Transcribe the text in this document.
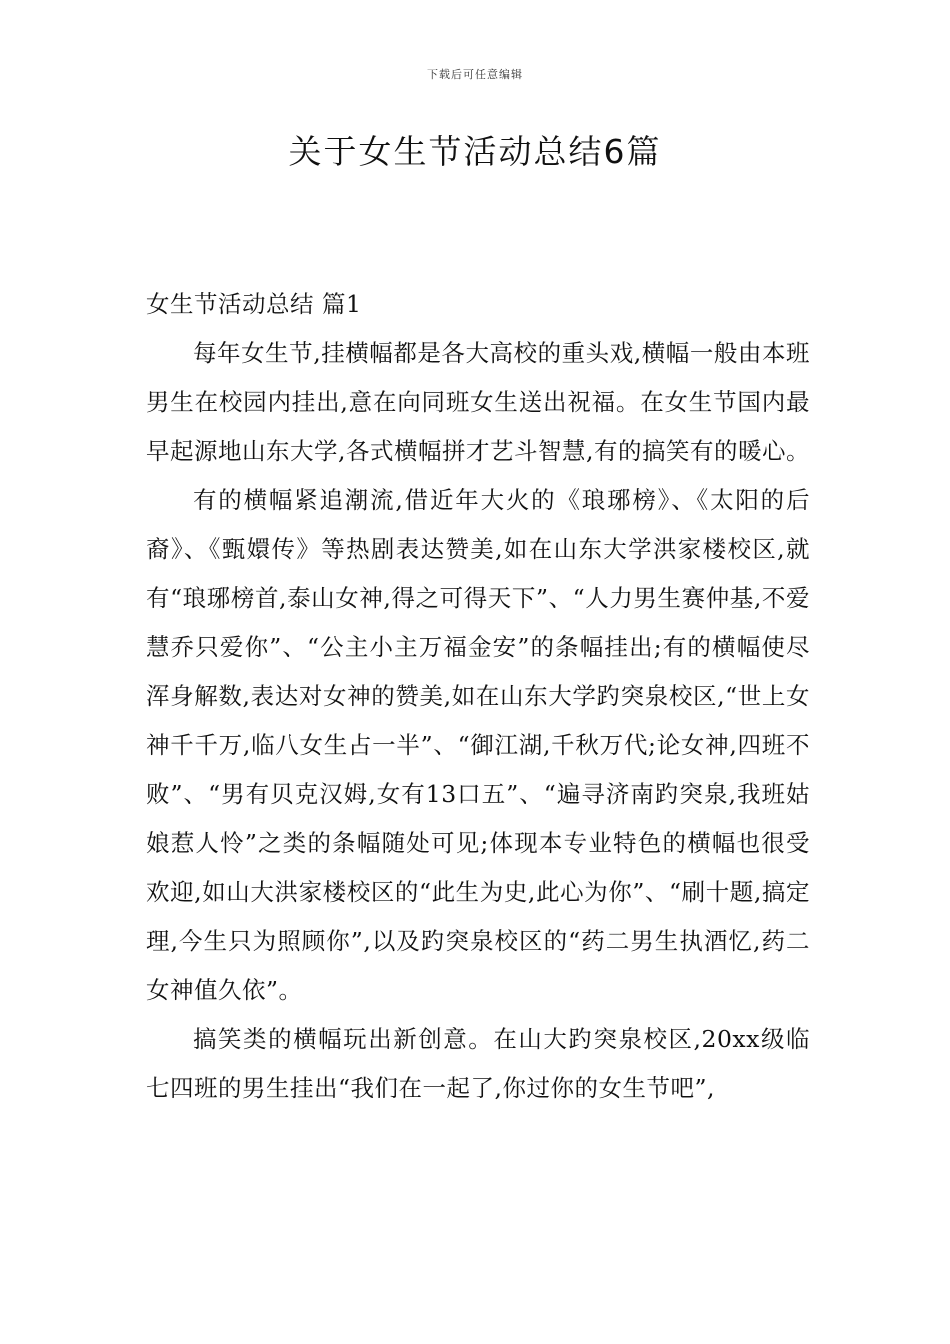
下载后可任意编辑
关于女生节活动总结6篇
女生节活动总结 篇1

每年女生节,挂横幅都是各大高校的重头戏,横幅一般由本班男生在校园内挂出,意在向同班女生送出祝福。在女生节国内最早起源地山东大学,各式横幅拼才艺斗智慧,有的搞笑有的暖心。

有的横幅紧追潮流,借近年大火的《琅琊榜》、《太阳的后裔》、《甄嬛传》等热剧表达赞美,如在山东大学洪家楼校区,就有“琅琊榜首,泰山女神,得之可得天下”、“人力男生赛仲基,不爱慧乔只爱你”、“公主小主万福金安”的条幅挂出;有的横幅使尽浑身解数,表达对女神的赞美,如在山东大学趵突泉校区,“世上女神千千万,临八女生占一半”、“御江湖,千秋万代;论女神,四班不败”、“男有贝克汉姆,女有13口五”、“遍寻济南趵突泉,我班姑娘惹人怜”之类的条幅随处可见;体现本专业特色的横幅也很受欢迎,如山大洪家楼校区的“此生为史,此心为你”、“刷十题,搞定理,今生只为照顾你”,以及趵突泉校区的“药二男生执酒忆,药二女神值久依”。

搞笑类的横幅玩出新创意。在山大趵突泉校区,20xx级临七四班的男生挂出“我们在一起了,你过你的女生节吧”,
